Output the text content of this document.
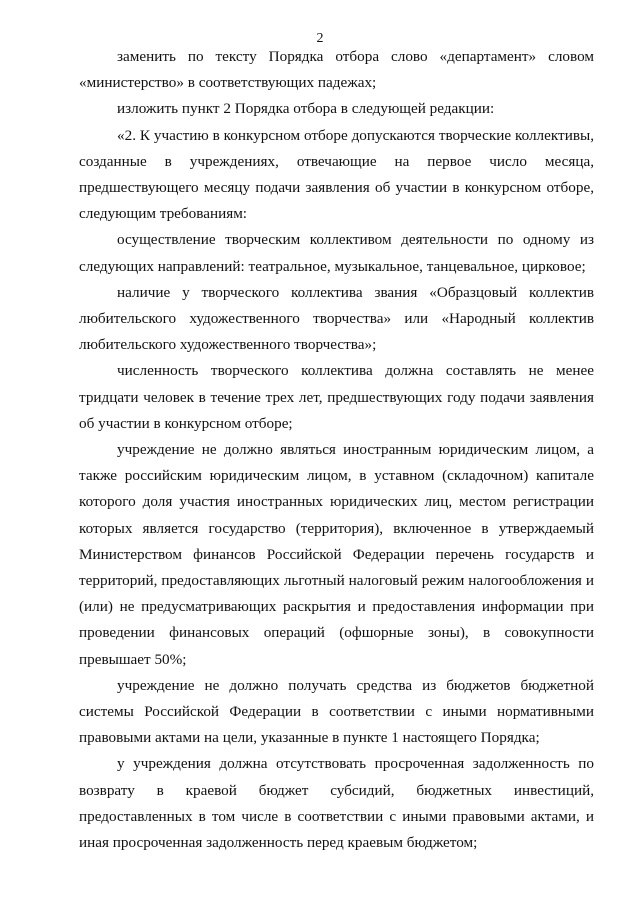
2

заменить по тексту Порядка отбора слово «департамент» словом «министерство» в соответствующих падежах;

изложить пункт 2 Порядка отбора в следующей редакции:

«2. К участию в конкурсном отборе допускаются творческие коллективы, созданные в учреждениях, отвечающие на первое число месяца, предшествующего месяцу подачи заявления об участии в конкурсном отборе, следующим требованиям:

осуществление творческим коллективом деятельности по одному из следующих направлений: театральное, музыкальное, танцевальное, цирковое;

наличие у творческого коллектива звания «Образцовый коллектив любительского художественного творчества» или «Народный коллектив любительского художественного творчества»;

численность творческого коллектива должна составлять не менее тридцати человек в течение трех лет, предшествующих году подачи заявления об участии в конкурсном отборе;

учреждение не должно являться иностранным юридическим лицом, а также российским юридическим лицом, в уставном (складочном) капитале которого доля участия иностранных юридических лиц, местом регистрации которых является государство (территория), включенное в утверждаемый Министерством финансов Российской Федерации перечень государств и территорий, предоставляющих льготный налоговый режим налогообложения и (или) не предусматривающих раскрытия и предоставления информации при проведении финансовых операций (офшорные зоны), в совокупности превышает 50%;

учреждение не должно получать средства из бюджетов бюджетной системы Российской Федерации в соответствии с иными нормативными правовыми актами на цели, указанные в пункте 1 настоящего Порядка;

у учреждения должна отсутствовать просроченная задолженность по возврату в краевой бюджет субсидий, бюджетных инвестиций, предоставленных в том числе в соответствии с иными правовыми актами, и иная просроченная задолженность перед краевым бюджетом;
